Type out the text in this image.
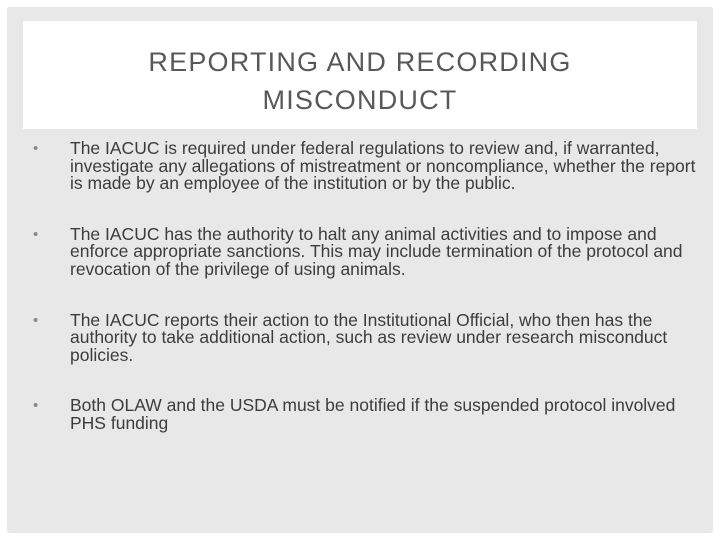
REPORTING AND RECORDING
MISCONDUCT
•	The IACUC is required under federal regulations to review and, if warranted, investigate any allegations of mistreatment or noncompliance, whether the report is made by an employee of the institution or by the public.
•	The IACUC has the authority to halt any animal activities and to impose and enforce appropriate sanctions. This may include termination of the protocol and revocation of the privilege of using animals.
•	The IACUC reports their action to the Institutional Official, who then has the authority to take additional action, such as review under research misconduct policies.
•	Both OLAW and the USDA must be notified if the suspended protocol involved PHS funding
